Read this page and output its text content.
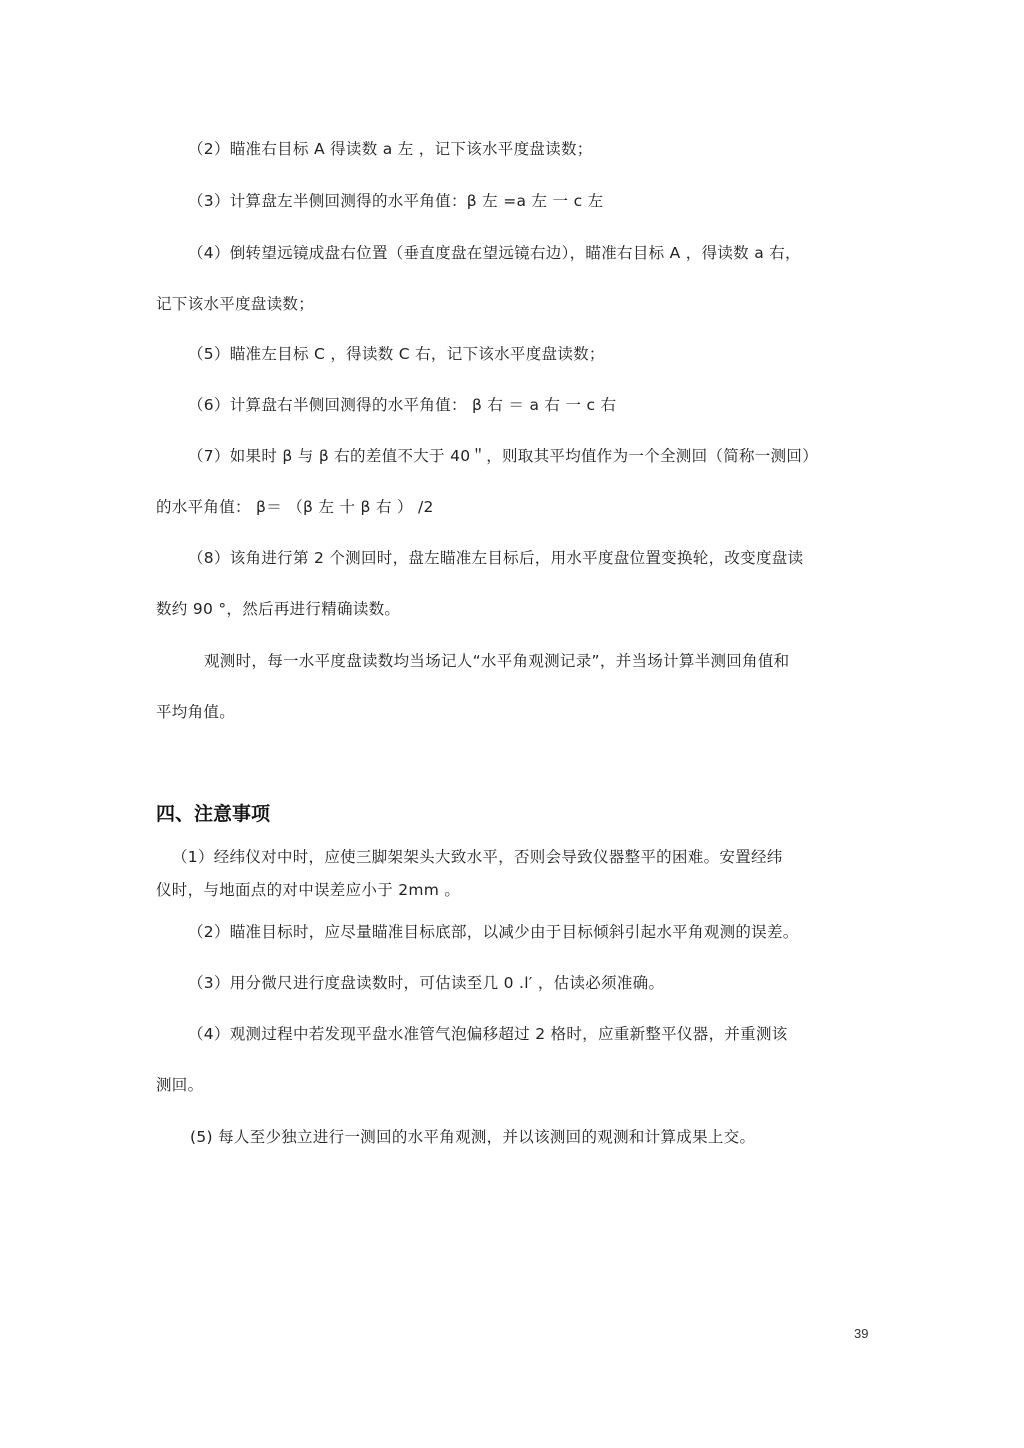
（2）瞄准右目标 A 得读数 a 左 ，记下该水平度盘读数；
（3）计算盘左半侧回测得的水平角值：β 左 =a 左 一 c 左
（4）倒转望远镜成盘右位置（垂直度盘在望远镜右边），瞄准右目标 A ，得读数 a 右，
记下该水平度盘读数；
（5）瞄准左目标 C ，得读数 C 右，记下该水平度盘读数；
（6）计算盘右半侧回测得的水平角值： β 右 ＝ a 右 一 c 右
（7）如果时 β 与 β 右的差值不大于 40＂，则取其平均值作为一个全测回（简称一测回）
的水平角值： β＝ （β 左 十 β 右 ） /2
（8）该角进行第 2 个测回时，盘左瞄准左目标后，用水平度盘位置变换轮，改变度盘读
数约 90 °，然后再进行精确读数。
观测时，每一水平度盘读数均当场记人“水平角观测记录”，并当场计算半测回角值和
平均角值。
四、注意事项
（1）经纬仪对中时，应使三脚架架头大致水平，否则会导致仪器整平的困难。安置经纬
仪时，与地面点的对中误差应小于 2mm 。
（2）瞄准目标时，应尽量瞄准目标底部，以减少由于目标倾斜引起水平角观测的误差。
（3）用分微尺进行度盘读数时，可估读至几 0 .l′ ，估读必须准确。
（4）观测过程中若发现平盘水准管气泡偏移超过 2 格时，应重新整平仪器，并重测该
测回。
(5) 每人至少独立进行一测回的水平角观测，并以该测回的观测和计算成果上交。
39
